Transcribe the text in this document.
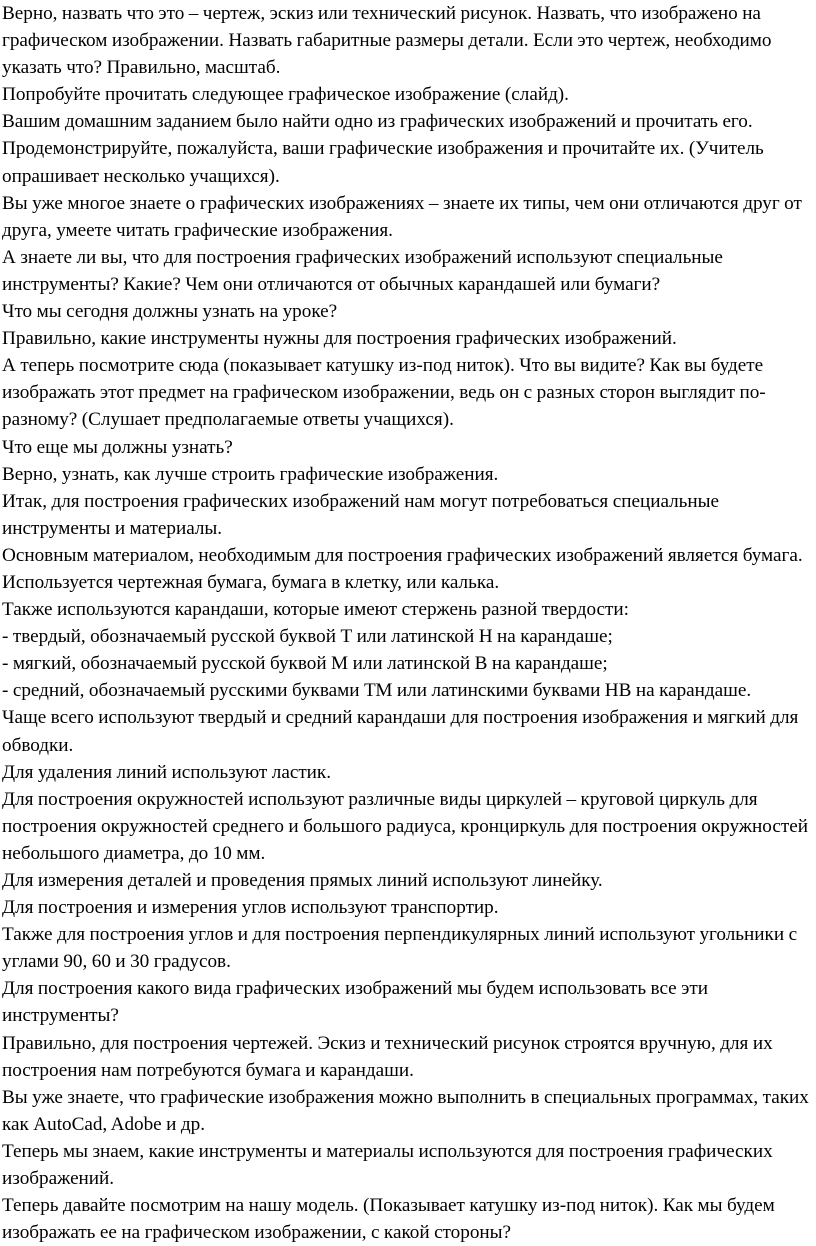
Верно, назвать что это – чертеж, эскиз или технический рисунок. Назвать, что изображено на графическом изображении. Назвать габаритные размеры детали. Если это чертеж, необходимо указать что? Правильно, масштаб.

Попробуйте прочитать следующее графическое изображение (слайд).

Вашим домашним заданием было найти одно из графических изображений и прочитать его. Продемонстрируйте, пожалуйста, ваши графические изображения и прочитайте их. (Учитель опрашивает несколько учащихся).

Вы уже многое знаете о графических изображениях – знаете их типы, чем они отличаются друг от друга, умеете читать графические изображения.

А знаете ли вы, что для построения графических изображений используют специальные инструменты? Какие? Чем они отличаются от обычных карандашей или бумаги?

Что мы сегодня должны узнать на уроке?

Правильно, какие инструменты нужны для построения графических изображений.

А теперь посмотрите сюда (показывает катушку из-под ниток). Что вы видите? Как вы будете изображать этот предмет на графическом изображении, ведь он с разных сторон выглядит по-разному? (Слушает предполагаемые ответы учащихся).

Что еще мы должны узнать?

Верно, узнать, как лучше строить графические изображения.

Итак, для построения графических изображений нам могут потребоваться специальные инструменты и материалы.

Основным материалом, необходимым для построения графических изображений является бумага. Используется чертежная бумага, бумага в клетку, или калька.

Также используются карандаши, которые имеют стержень разной твердости:

- твердый, обозначаемый русской буквой Т или латинской Н на карандаше;

- мягкий, обозначаемый русской буквой М или латинской В на карандаше;

- средний, обозначаемый русскими буквами ТМ или латинскими буквами НВ на карандаше.

Чаще всего используют твердый и средний карандаши для построения изображения и мягкий для обводки.

Для удаления линий используют ластик.

Для построения окружностей используют различные виды циркулей – круговой циркуль для построения окружностей среднего и большого радиуса, кронциркуль для построения окружностей небольшого диаметра, до 10 мм.

Для измерения деталей и проведения прямых линий используют линейку.

Для построения и измерения углов используют транспортир.

Также для построения углов и для построения перпендикулярных линий используют угольники с углами 90, 60 и 30 градусов.

Для построения какого вида графических изображений мы будем использовать все эти инструменты?

Правильно, для построения чертежей. Эскиз и технический рисунок строятся вручную, для их построения нам потребуются бумага и карандаши.

Вы уже знаете, что графические изображения можно выполнить в специальных программах, таких как AutoCad, Adobe и др.

Теперь мы знаем, какие инструменты и материалы используются для построения графических изображений.

Теперь давайте посмотрим на нашу модель. (Показывает катушку из-под ниток). Как мы будем изображать ее на графическом изображении, с какой стороны?
